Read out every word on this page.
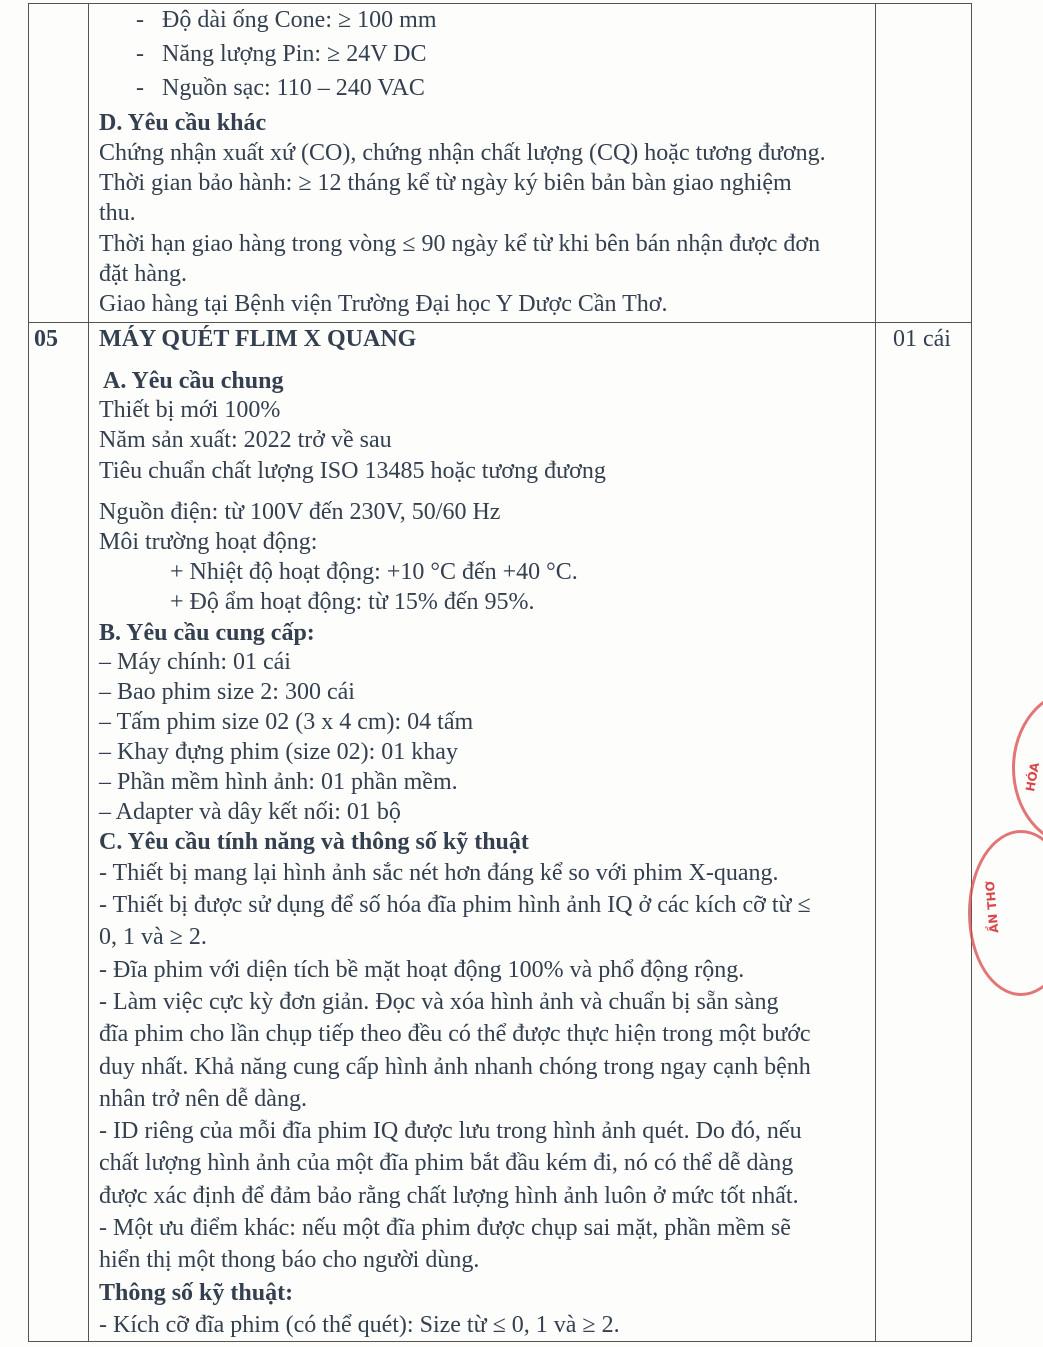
-   Độ dài ống Cone: ≥ 100 mm
-   Năng lượng Pin: ≥ 24V DC
-   Nguồn sạc: 110 – 240 VAC
D. Yêu cầu khác
Chứng nhận xuất xứ (CO), chứng nhận chất lượng (CQ) hoặc tương đương.
Thời gian bảo hành: ≥ 12 tháng kể từ ngày ký biên bản bàn giao nghiệm
thu.
Thời hạn giao hàng trong vòng ≤ 90 ngày kể từ khi bên bán nhận được đơn
đặt hàng.
Giao hàng tại Bệnh viện Trường Đại học Y Dược Cần Thơ.
05	01 cái
MÁY QUÉT FLIM X QUANG
A. Yêu cầu chung
Thiết bị mới 100%
Năm sản xuất: 2022 trở về sau
Tiêu chuẩn chất lượng ISO 13485 hoặc tương đương
Nguồn điện: từ 100V đến 230V, 50/60 Hz
Môi trường hoạt động:
+ Nhiệt độ hoạt động: +10 °C đến +40 °C.
+ Độ ẩm hoạt động: từ 15% đến 95%.
B. Yêu cầu cung cấp:
– Máy chính: 01 cái
– Bao phim size 2: 300 cái
– Tấm phim size 02 (3 x 4 cm): 04 tấm
– Khay đựng phim (size 02): 01 khay
– Phần mềm hình ảnh: 01 phần mềm.
– Adapter và dây kết nối: 01 bộ
C. Yêu cầu tính năng và thông số kỹ thuật
- Thiết bị mang lại hình ảnh sắc nét hơn đáng kể so với phim X-quang.
- Thiết bị được sử dụng để số hóa đĩa phim hình ảnh IQ ở các kích cỡ từ ≤
0, 1 và ≥ 2.
- Đĩa phim với diện tích bề mặt hoạt động 100% và phổ động rộng.
- Làm việc cực kỳ đơn giản. Đọc và xóa hình ảnh và chuẩn bị sẵn sàng
đĩa phim cho lần chụp tiếp theo đều có thể được thực hiện trong một bước
duy nhất. Khả năng cung cấp hình ảnh nhanh chóng trong ngay cạnh bệnh
nhân trở nên dễ dàng.
- ID riêng của mỗi đĩa phim IQ được lưu trong hình ảnh quét. Do đó, nếu
chất lượng hình ảnh của một đĩa phim bắt đầu kém đi, nó có thể dễ dàng
được xác định để đảm bảo rằng chất lượng hình ảnh luôn ở mức tốt nhất.
- Một ưu điểm khác: nếu một đĩa phim được chụp sai mặt, phần mềm sẽ
hiển thị một thong báo cho người dùng.
Thông số kỹ thuật:
- Kích cỡ đĩa phim (có thể quét): Size từ ≤ 0, 1 và ≥ 2.
HÓA
ẦN THƠ
